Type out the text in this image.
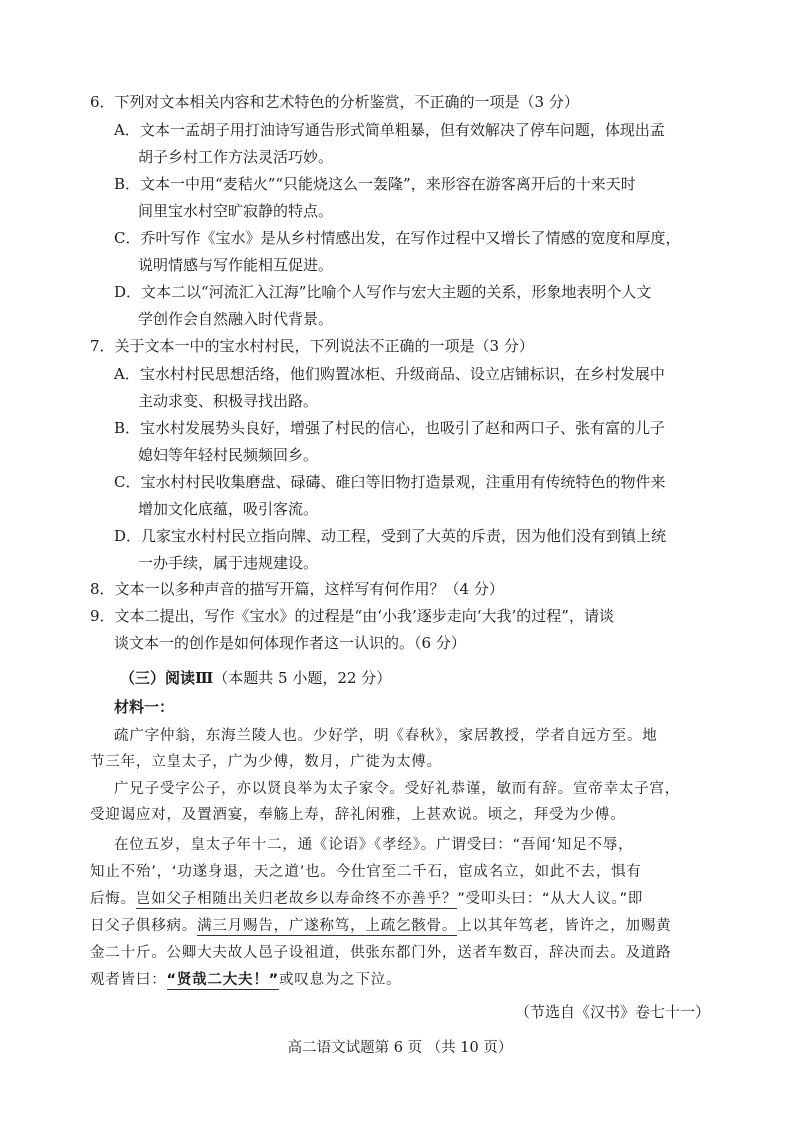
6．下列对文本相关内容和艺术特色的分析鉴赏，不正确的一项是（3 分）
A．文本一孟胡子用打油诗写通告形式简单粗暴，但有效解决了停车问题，体现出孟
胡子乡村工作方法灵活巧妙。
B．文本一中用“麦秸火”“只能烧这么一轰隆”，来形容在游客离开后的十来天时
间里宝水村空旷寂静的特点。
C．乔叶写作《宝水》是从乡村情感出发，在写作过程中又增长了情感的宽度和厚度，
说明情感与写作能相互促进。
D．文本二以“河流汇入江海”比喻个人写作与宏大主题的关系，形象地表明个人文
学创作会自然融入时代背景。
7．关于文本一中的宝水村村民，下列说法不正确的一项是（3 分）
A．宝水村村民思想活络，他们购置冰柜、升级商品、设立店铺标识，在乡村发展中
主动求变、积极寻找出路。
B．宝水村发展势头良好，增强了村民的信心，也吸引了赵和两口子、张有富的儿子
媳妇等年轻村民频频回乡。
C．宝水村村民收集磨盘、碌碡、碓臼等旧物打造景观，注重用有传统特色的物件来
增加文化底蕴，吸引客流。
D．几家宝水村村民立指向牌、动工程，受到了大英的斥责，因为他们没有到镇上统
一办手续，属于违规建设。
8．文本一以多种声音的描写开篇，这样写有何作用？（4 分）
9．文本二提出，写作《宝水》的过程是“由‘小我’逐步走向‘大我’的过程”，请谈
谈文本一的创作是如何体现作者这一认识的。（6 分）
（三）阅读Ⅲ（本题共 5 小题，22 分）
材料一：
疏广字仲翁，东海兰陵人也。少好学，明《春秋》，家居教授，学者自远方至。地
节三年，立皇太子，广为少傅，数月，广徙为太傅。
广兄子受字公子，亦以贤良举为太子家令。受好礼恭谨，敏而有辞。宣帝幸太子宫，
受迎谒应对，及置酒宴，奉觞上寿，辞礼闲雅，上甚欢说。顷之，拜受为少傅。
在位五岁，皇太子年十二，通《论语》《孝经》。广谓受曰：“吾闻‘知足不辱，
知止不殆’，‘功遂身退，天之道’也。今仕官至二千石，宦成名立，如此不去，惧有
后悔。岂如父子相随出关归老故乡以寿命终不亦善乎？”受叩头曰：“从大人议。”即
日父子俱移病。满三月赐告，广遂称笃，上疏乞骸骨。上以其年笃老，皆许之，加赐黄
金二十斤。公卿大夫故人邑子设祖道，供张东都门外，送者车数百，辞决而去。及道路
观者皆曰：“贤哉二大夫！”或叹息为之下泣。
（节选自《汉书》卷七十一）
高二语文试题第 6 页 （共 10 页）
